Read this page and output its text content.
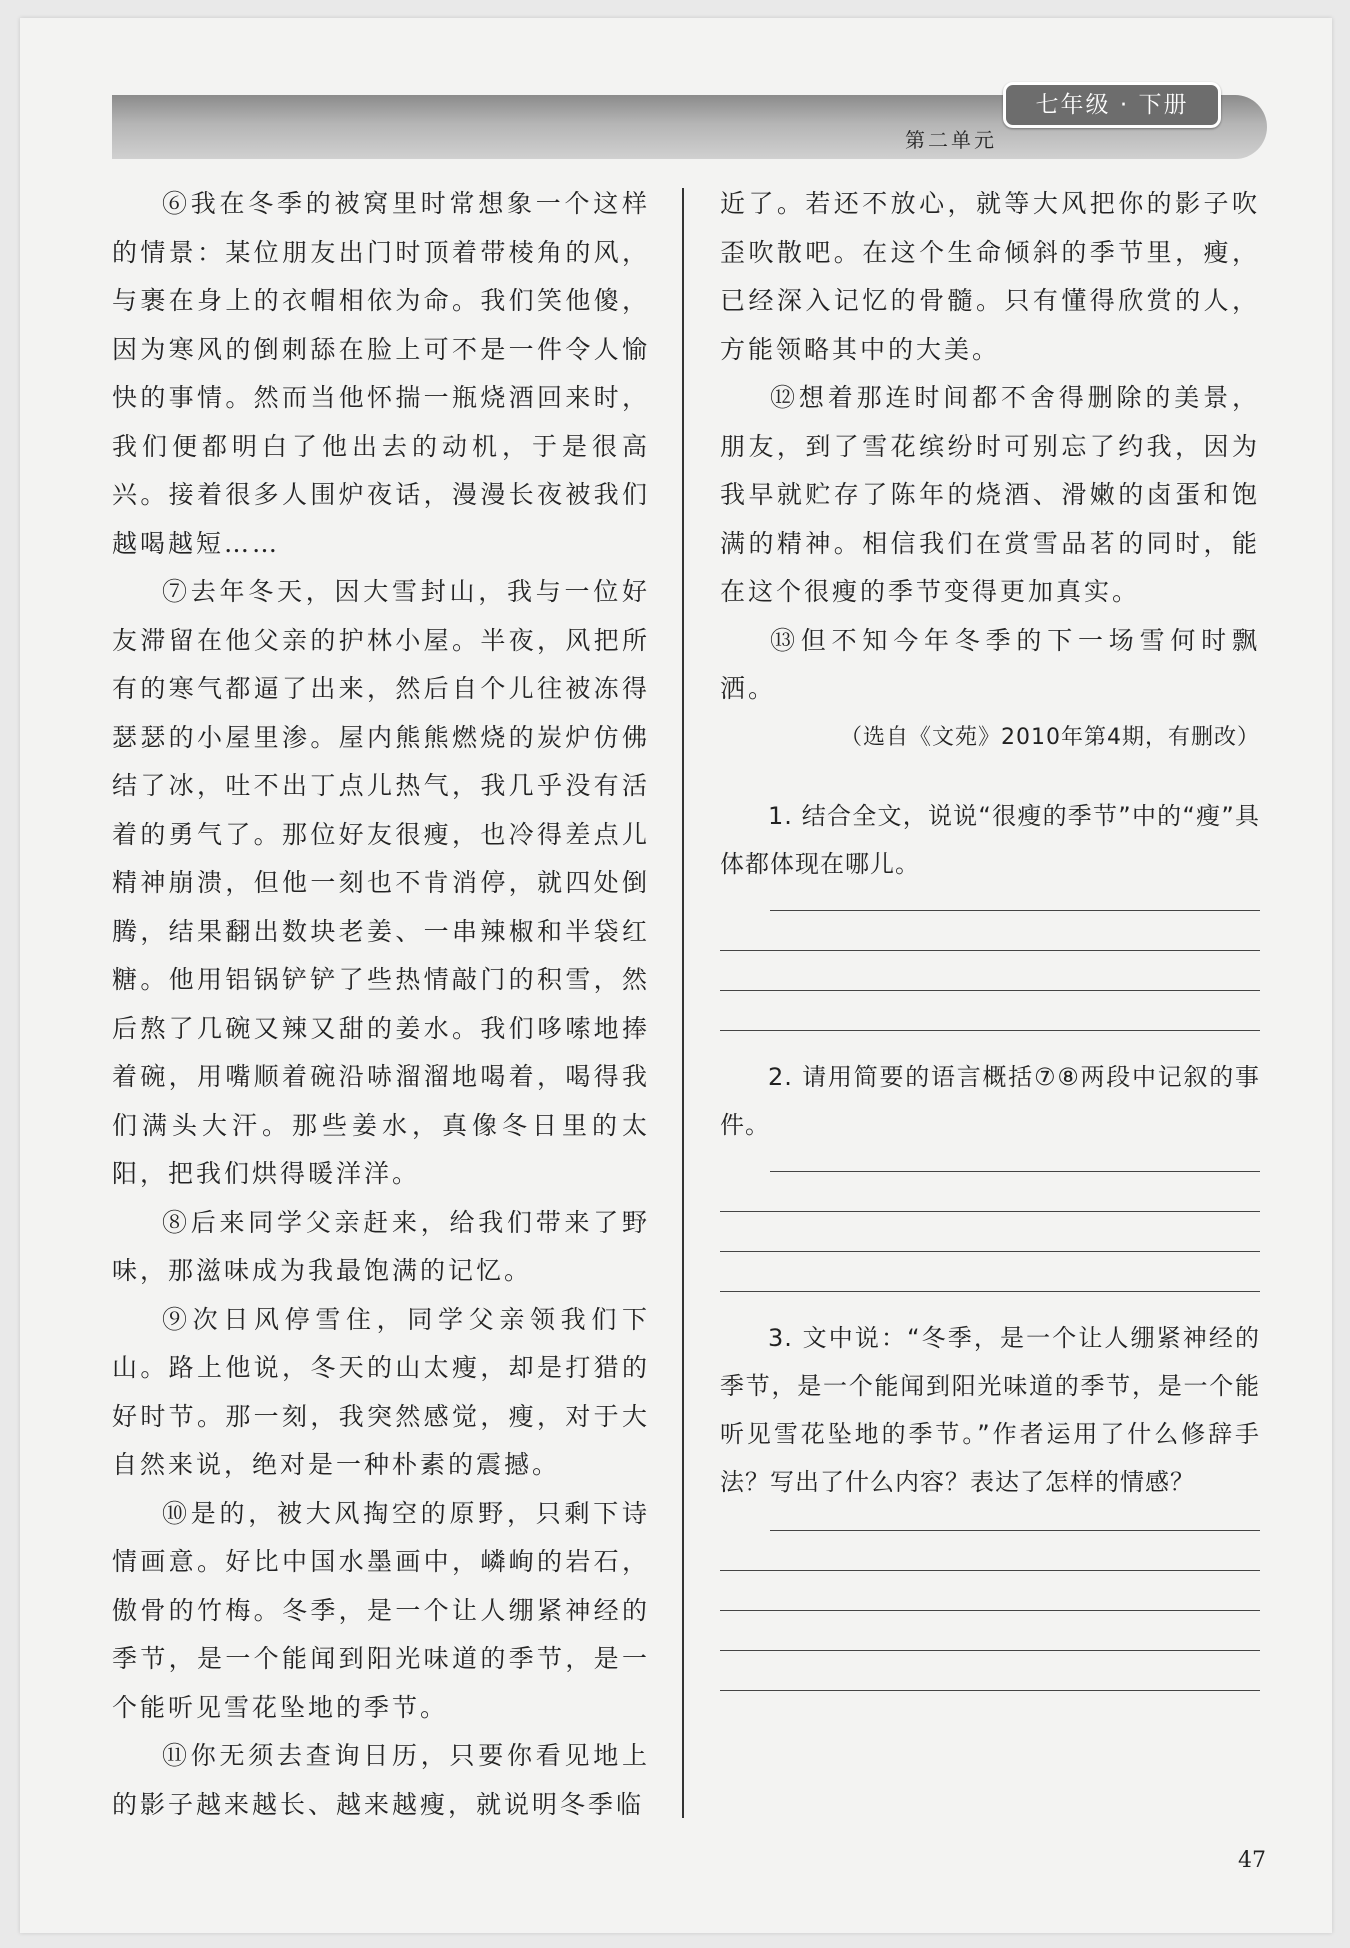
七年级 · 下册
第二单元

⑥我在冬季的被窝里时常想象一个这样的情景：某位朋友出门时顶着带棱角的风，与裹在身上的衣帽相依为命。我们笑他傻，因为寒风的倒刺舔在脸上可不是一件令人愉快的事情。然而当他怀揣一瓶烧酒回来时，我们便都明白了他出去的动机，于是很高兴。接着很多人围炉夜话，漫漫长夜被我们越喝越短……

⑦去年冬天，因大雪封山，我与一位好友滞留在他父亲的护林小屋。半夜，风把所有的寒气都逼了出来，然后自个儿往被冻得瑟瑟的小屋里渗。屋内熊熊燃烧的炭炉仿佛结了冰，吐不出丁点儿热气，我几乎没有活着的勇气了。那位好友很瘦，也冷得差点儿精神崩溃，但他一刻也不肯消停，就四处倒腾，结果翻出数块老姜、一串辣椒和半袋红糖。他用铝锅铲铲了些热情敲门的积雪，然后熬了几碗又辣又甜的姜水。我们哆嗦地捧着碗，用嘴顺着碗沿哧溜溜地喝着，喝得我们满头大汗。那些姜水，真像冬日里的太阳，把我们烘得暖洋洋。

⑧后来同学父亲赶来，给我们带来了野味，那滋味成为我最饱满的记忆。

⑨次日风停雪住，同学父亲领我们下山。路上他说，冬天的山太瘦，却是打猎的好时节。那一刻，我突然感觉，瘦，对于大自然来说，绝对是一种朴素的震撼。

⑩是的，被大风掏空的原野，只剩下诗情画意。好比中国水墨画中，嶙峋的岩石，傲骨的竹梅。冬季，是一个让人绷紧神经的季节，是一个能闻到阳光味道的季节，是一个能听见雪花坠地的季节。

⑪你无须去查询日历，只要你看见地上的影子越来越长、越来越瘦，就说明冬季临

近了。若还不放心，就等大风把你的影子吹歪吹散吧。在这个生命倾斜的季节里，瘦，已经深入记忆的骨髓。只有懂得欣赏的人，方能领略其中的大美。

⑫想着那连时间都不舍得删除的美景，朋友，到了雪花缤纷时可别忘了约我，因为我早就贮存了陈年的烧酒、滑嫩的卤蛋和饱满的精神。相信我们在赏雪品茗的同时，能在这个很瘦的季节变得更加真实。

⑬但不知今年冬季的下一场雪何时飘洒。

（选自《文苑》2010年第4期，有删改）

1. 结合全文，说说“很瘦的季节”中的“瘦”具体都体现在哪儿。

2. 请用简要的语言概括⑦⑧两段中记叙的事件。

3. 文中说：“冬季，是一个让人绷紧神经的季节，是一个能闻到阳光味道的季节，是一个能听见雪花坠地的季节。”作者运用了什么修辞手法？写出了什么内容？表达了怎样的情感？

47
